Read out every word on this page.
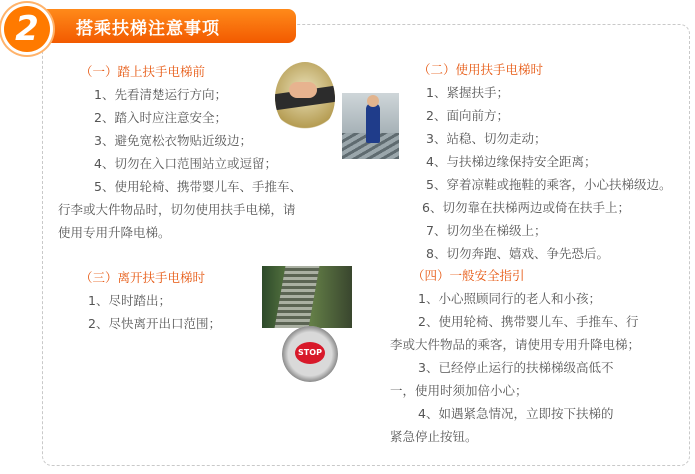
2	搭乘扶梯注意事项
（一）踏上扶手电梯前
1、先看清楚运行方向；
2、踏入时应注意安全；
3、避免宽松衣物贴近级边；
4、切勿在入口范围站立或逗留；
5、使用轮椅、携带婴儿车、手推车、
行李或大件物品时，切勿使用扶手电梯，请
使用专用升降电梯。
（二）使用扶手电梯时
1、紧握扶手；
2、面向前方；
3、站稳、切勿走动；
4、与扶梯边缘保持安全距离；
5、穿着凉鞋或拖鞋的乘客，小心扶梯级边。
6、切勿靠在扶梯两边或倚在扶手上；
7、切勿坐在梯级上；
8、切勿奔跑、嬉戏、争先恐后。
（三）离开扶手电梯时
1、尽时踏出；
2、尽快离开出口范围；
（四）一般安全指引
1、小心照顾同行的老人和小孩；
2、使用轮椅、携带婴儿车、手推车、行
李或大件物品的乘客，请使用专用升降电梯；
3、已经停止运行的扶梯梯级高低不
一，使用时须加倍小心；
4、如遇紧急情况，立即按下扶梯的
紧急停止按钮。
STOP
